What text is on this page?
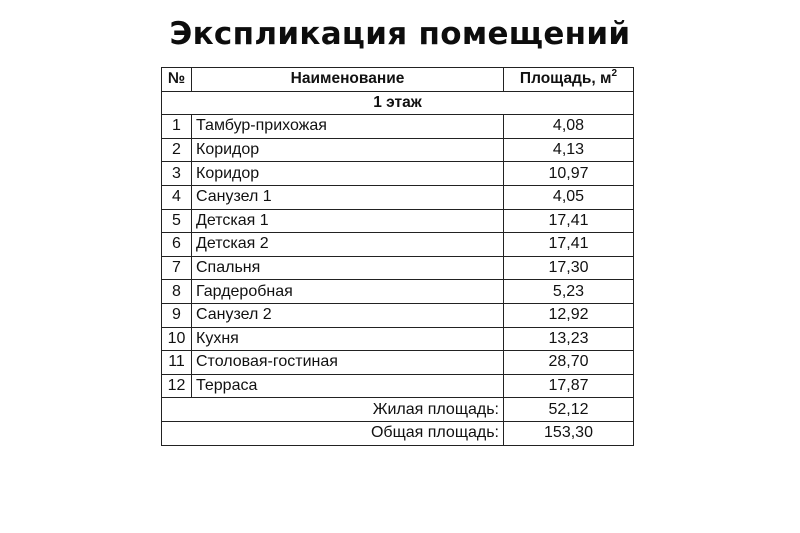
Экспликация помещений
№	Наименование	Площадь, $м^2$
1 этаж		
1	Тамбур-прихожая	4,08
2	Коридор	4,13
3	Коридор	10,97
4	Санузел 1	4,05
5	Детская 1	17,41
6	Детская 2	17,41
7	Спальня	17,30
8	Гардеробная	5,23
9	Санузел 2	12,92
10	Кухня	13,23
11	Столовая-гостиная	28,70
12	Терраса	17,87
Жилая площадь:		52,12
Общая площадь:		153,30
